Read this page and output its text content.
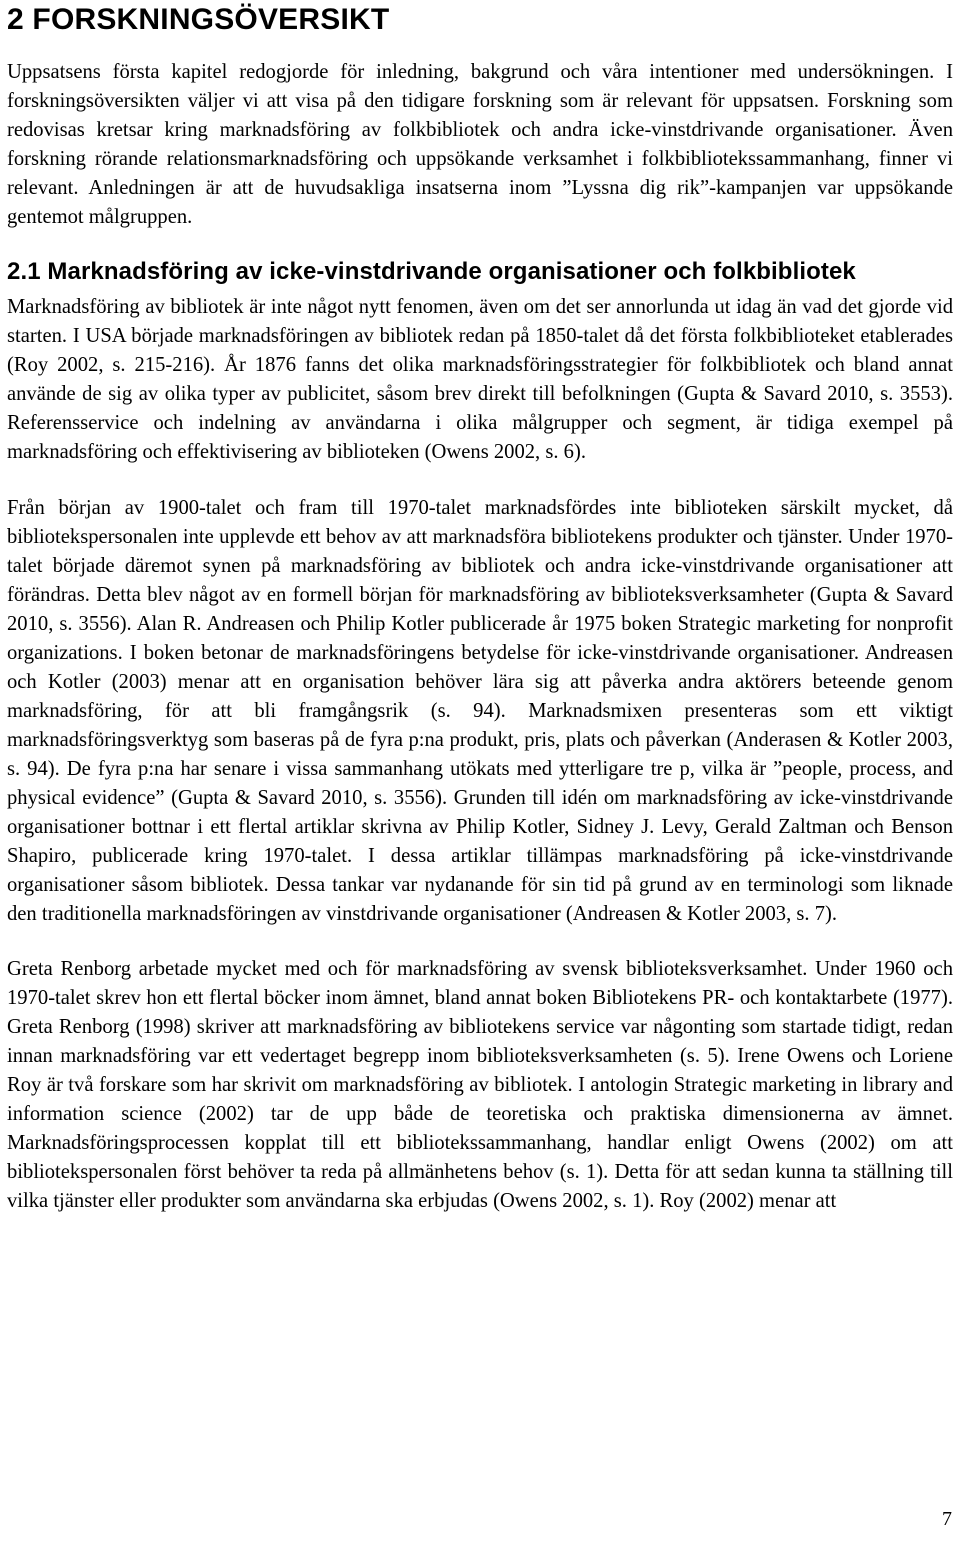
2 FORSKNINGSÖVERSIKT

Uppsatsens första kapitel redogjorde för inledning, bakgrund och våra intentioner med undersökningen. I forskningsöversikten väljer vi att visa på den tidigare forskning som är relevant för uppsatsen. Forskning som redovisas kretsar kring marknadsföring av folkbibliotek och andra icke-vinstdrivande organisationer. Även forskning rörande relationsmarknadsföring och uppsökande verksamhet i folkbibliotekssammanhang, finner vi relevant. Anledningen är att de huvudsakliga insatserna inom ”Lyssna dig rik”-kampanjen var uppsökande gentemot målgruppen.

2.1 Marknadsföring av icke-vinstdrivande organisationer och folkbibliotek

Marknadsföring av bibliotek är inte något nytt fenomen, även om det ser annorlunda ut idag än vad det gjorde vid starten. I USA började marknadsföringen av bibliotek redan på 1850-talet då det första folkbiblioteket etablerades (Roy 2002, s. 215-216). År 1876 fanns det olika marknadsföringsstrategier för folkbibliotek och bland annat använde de sig av olika typer av publicitet, såsom brev direkt till befolkningen (Gupta & Savard 2010, s. 3553). Referensservice och indelning av användarna i olika målgrupper och segment, är tidiga exempel på marknadsföring och effektivisering av biblioteken (Owens 2002, s. 6).

Från början av 1900-talet och fram till 1970-talet marknadsfördes inte biblioteken särskilt mycket, då bibliotekspersonalen inte upplevde ett behov av att marknadsföra bibliotekens produkter och tjänster. Under 1970-talet började däremot synen på marknadsföring av bibliotek och andra icke-vinstdrivande organisationer att förändras. Detta blev något av en formell början för marknadsföring av biblioteksverksamheter (Gupta & Savard 2010, s. 3556). Alan R. Andreasen och Philip Kotler publicerade år 1975 boken Strategic marketing for nonprofit organizations. I boken betonar de marknadsföringens betydelse för icke-vinstdrivande organisationer. Andreasen och Kotler (2003) menar att en organisation behöver lära sig att påverka andra aktörers beteende genom marknadsföring, för att bli framgångsrik (s. 94). Marknadsmixen presenteras som ett viktigt marknadsföringsverktyg som baseras på de fyra p:na produkt, pris, plats och påverkan (Anderasen & Kotler 2003, s. 94). De fyra p:na har senare i vissa sammanhang utökats med ytterligare tre p, vilka är ”people, process, and physical evidence” (Gupta & Savard 2010, s. 3556). Grunden till idén om marknadsföring av icke-vinstdrivande organisationer bottnar i ett flertal artiklar skrivna av Philip Kotler, Sidney J. Levy, Gerald Zaltman och Benson Shapiro, publicerade kring 1970-talet. I dessa artiklar tillämpas marknadsföring på icke-vinstdrivande organisationer såsom bibliotek. Dessa tankar var nydanande för sin tid på grund av en terminologi som liknade den traditionella marknadsföringen av vinstdrivande organisationer (Andreasen & Kotler 2003, s. 7).

Greta Renborg arbetade mycket med och för marknadsföring av svensk biblioteksverksamhet. Under 1960 och 1970-talet skrev hon ett flertal böcker inom ämnet, bland annat boken Bibliotekens PR- och kontaktarbete (1977). Greta Renborg (1998) skriver att marknadsföring av bibliotekens service var någonting som startade tidigt, redan innan marknadsföring var ett vedertaget begrepp inom biblioteksverksamheten (s. 5). Irene Owens och Loriene Roy är två forskare som har skrivit om marknadsföring av bibliotek. I antologin Strategic marketing in library and information science (2002) tar de upp både de teoretiska och praktiska dimensionerna av ämnet. Marknadsföringsprocessen kopplat till ett bibliotekssammanhang, handlar enligt Owens (2002) om att bibliotekspersonalen först behöver ta reda på allmänhetens behov (s. 1). Detta för att sedan kunna ta ställning till vilka tjänster eller produkter som användarna ska erbjudas (Owens 2002, s. 1). Roy (2002) menar att

7
